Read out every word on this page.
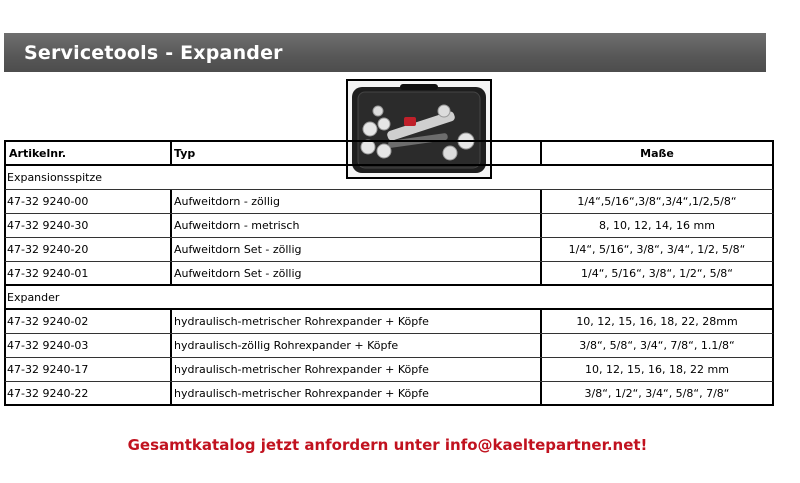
Servicetools - Expander
Artikelnr.	Typ	Maße
Expansionsspitze
47-32 9240-00	Aufweitdorn - zöllig	1/4“,5/16“,3/8“,3/4“,1/2,5/8“
47-32 9240-30	Aufweitdorn - metrisch	8, 10, 12, 14, 16 mm
47-32 9240-20	Aufweitdorn Set - zöllig	1/4“, 5/16“, 3/8“, 3/4“, 1/2, 5/8“
47-32 9240-01	Aufweitdorn Set - zöllig	1/4“, 5/16“, 3/8“, 1/2“, 5/8“
Expander
47-32 9240-02	hydraulisch-metrischer Rohrexpander + Köpfe	10, 12, 15, 16, 18, 22, 28mm
47-32 9240-03	hydraulisch-zöllig Rohrexpander + Köpfe	3/8“, 5/8“, 3/4“, 7/8“, 1.1/8“
47-32 9240-17	hydraulisch-metrischer Rohrexpander + Köpfe	10, 12, 15, 16, 18, 22 mm
47-32 9240-22	hydraulisch-metrischer Rohrexpander + Köpfe	3/8“, 1/2“, 3/4“, 5/8“, 7/8“
Gesamtkatalog jetzt anfordern unter info@kaeltepartner.net!
